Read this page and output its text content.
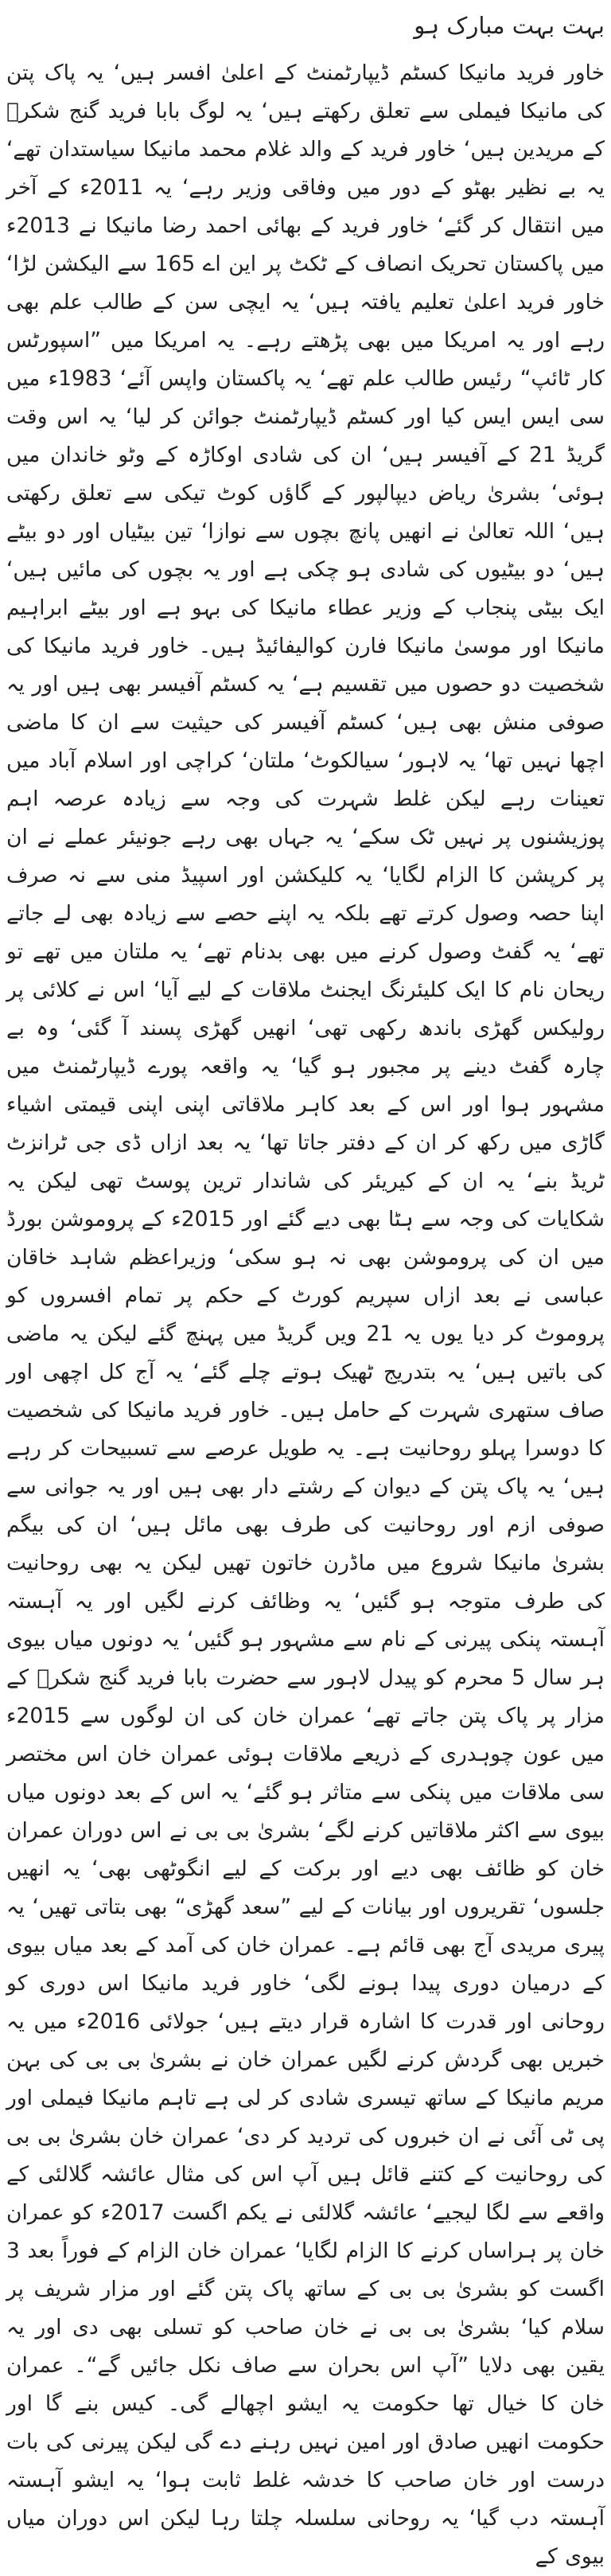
بہت بہت مبارک ہو

خاور فرید مانیکا کسٹم ڈیپارٹمنٹ کے اعلیٰ افسر ہیں‘ یہ پاک پتن کی مانیکا فیملی سے تعلق رکھتے ہیں‘ یہ لوگ بابا فرید گنج شکرؒ کے مریدین ہیں‘ خاور فرید کے والد غلام محمد مانیکا سیاستدان تھے‘ یہ بے نظیر بھٹو کے دور میں وفاقی وزیر رہے‘ یہ 2011ء کے آخر میں انتقال کر گئے‘ خاور فرید کے بھائی احمد رضا مانیکا نے 2013ء میں پاکستان تحریک انصاف کے ٹکٹ پر این اے 165 سے الیکشن لڑا‘ خاور فرید اعلیٰ تعلیم یافتہ ہیں‘ یہ ایچی سن کے طالب علم بھی رہے اور یہ امریکا میں بھی پڑھتے رہے۔ یہ امریکا میں ”اسپورٹس کار ٹائپ“ رئیس طالب علم تھے‘ یہ پاکستان واپس آئے‘ 1983ء میں سی ایس ایس کیا اور کسٹم ڈیپارٹمنٹ جوائن کر لیا‘ یہ اس وقت گریڈ 21 کے آفیسر ہیں‘ ان کی شادی اوکاڑہ کے وٹو خاندان میں ہوئی‘ بشریٰ ریاض دیپالپور کے گاؤں کوٹ تیکی سے تعلق رکھتی ہیں‘ اللہ تعالیٰ نے انھیں پانچ بچوں سے نوازا‘ تین بیٹیاں اور دو بیٹے ہیں‘ دو بیٹیوں کی شادی ہو چکی ہے اور یہ بچوں کی مائیں ہیں‘ ایک بیٹی پنجاب کے وزیر عطاء مانیکا کی بہو ہے اور بیٹے ابراہیم مانیکا اور موسیٰ مانیکا فارن کوالیفائیڈ ہیں۔ خاور فرید مانیکا کی شخصیت دو حصوں میں تقسیم ہے‘ یہ کسٹم آفیسر بھی ہیں اور یہ صوفی منش بھی ہیں‘ کسٹم آفیسر کی حیثیت سے ان کا ماضی اچھا نہیں تھا‘ یہ لاہور‘ سیالکوٹ‘ ملتان‘ کراچی اور اسلام آباد میں تعینات رہے لیکن غلط شہرت کی وجہ سے زیادہ عرصہ اہم پوزیشنوں پر نہیں ٹک سکے‘ یہ جہاں بھی رہے جونیئر عملے نے ان پر کرپشن کا الزام لگایا‘ یہ کلیکشن اور اسپیڈ منی سے نہ صرف اپنا حصہ وصول کرتے تھے بلکہ یہ اپنے حصے سے زیادہ بھی لے جاتے تھے‘ یہ گفٹ وصول کرنے میں بھی بدنام تھے‘ یہ ملتان میں تھے تو ریحان نام کا ایک کلیئرنگ ایجنٹ ملاقات کے لیے آیا‘ اس نے کلائی پر رولیکس گھڑی باندھ رکھی تھی‘ انھیں گھڑی پسند آ گئی‘ وہ بے چارہ گفٹ دینے پر مجبور ہو گیا‘ یہ واقعہ پورے ڈیپارٹمنٹ میں مشہور ہوا اور اس کے بعد کاہر ملاقاتی اپنی اپنی قیمتی اشیاء گاڑی میں رکھ کر ان کے دفتر جاتا تھا‘ یہ بعد ازاں ڈی جی ٹرانزٹ ٹریڈ بنے‘ یہ ان کے کیریئر کی شاندار ترین پوسٹ تھی لیکن یہ شکایات کی وجہ سے ہٹا بھی دیے گئے اور 2015ء کے پروموشن بورڈ میں ان کی پروموشن بھی نہ ہو سکی‘ وزیراعظم شاہد خاقان عباسی نے بعد ازاں سپریم کورٹ کے حکم پر تمام افسروں کو پروموٹ کر دیا یوں یہ 21 ویں گریڈ میں پہنچ گئے لیکن یہ ماضی کی باتیں ہیں‘ یہ بتدریج ٹھیک ہوتے چلے گئے‘ یہ آج کل اچھی اور صاف ستھری شہرت کے حامل ہیں۔ خاور فرید مانیکا کی شخصیت کا دوسرا پہلو روحانیت ہے۔ یہ طویل عرصے سے تسبیحات کر رہے ہیں‘ یہ پاک پتن کے دیوان کے رشتے دار بھی ہیں اور یہ جوانی سے صوفی ازم اور روحانیت کی طرف بھی مائل ہیں‘ ان کی بیگم بشریٰ مانیکا شروع میں ماڈرن خاتون تھیں لیکن یہ بھی روحانیت کی طرف متوجہ ہو گئیں‘ یہ وظائف کرنے لگیں اور یہ آہستہ آہستہ پنکی پیرنی کے نام سے مشہور ہو گئیں‘ یہ دونوں میاں بیوی ہر سال 5 محرم کو پیدل لاہور سے حضرت بابا فرید گنج شکرؒ کے مزار پر پاک پتن جاتے تھے‘ عمران خان کی ان لوگوں سے 2015ء میں عون چوہدری کے ذریعے ملاقات ہوئی عمران خان اس مختصر سی ملاقات میں پنکی سے متاثر ہو گئے‘ یہ اس کے بعد دونوں میاں بیوی سے اکثر ملاقاتیں کرنے لگے‘ بشریٰ بی بی نے اس دوران عمران خان کو ظائف بھی دیے اور برکت کے لیے انگوٹھی بھی‘ یہ انھیں جلسوں‘ تقریروں اور بیانات کے لیے ”سعد گھڑی“ بھی بتاتی تھیں‘ یہ پیری مریدی آج بھی قائم ہے۔ عمران خان کی آمد کے بعد میاں بیوی کے درمیان دوری پیدا ہونے لگی‘ خاور فرید مانیکا اس دوری کو روحانی اور قدرت کا اشارہ قرار دیتے ہیں‘ جولائی 2016ء میں یہ خبریں بھی گردش کرنے لگیں عمران خان نے بشریٰ بی بی کی بہن مریم مانیکا کے ساتھ تیسری شادی کر لی ہے تاہم مانیکا فیملی اور پی ٹی آئی نے ان خبروں کی تردید کر دی‘ عمران خان بشریٰ بی بی کی روحانیت کے کتنے قائل ہیں آپ اس کی مثال عائشہ گلالئی کے واقعے سے لگا لیجیے‘ عائشہ گلالئی نے یکم اگست 2017ء کو عمران خان پر ہراساں کرنے کا الزام لگایا‘ عمران خان الزام کے فوراً بعد 3 اگست کو بشریٰ بی بی کے ساتھ پاک پتن گئے اور مزار شریف پر سلام کیا‘ بشریٰ بی بی نے خان صاحب کو تسلی بھی دی اور یہ یقین بھی دلایا ”آپ اس بحران سے صاف نکل جائیں گے“۔ عمران خان کا خیال تھا حکومت یہ ایشو اچھالے گی۔ کیس بنے گا اور حکومت انھیں صادق اور امین نہیں رہنے دے گی لیکن پیرنی کی بات درست اور خان صاحب کا خدشہ غلط ثابت ہوا‘ یہ ایشو آہستہ آہستہ دب گیا‘ یہ روحانی سلسلہ چلتا رہا لیکن اس دوران میاں بیوی کے
